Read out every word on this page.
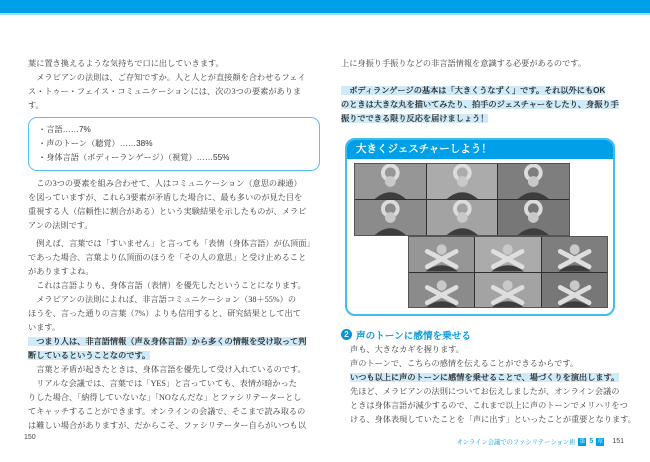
葉に置き換えるような気持ちで口に出していきます。
　メラビアンの法則は、ご存知ですか。人と人とが直接顔を合わせるフェイ
ス・トゥー・フェイス・コミュニケーションには、次の3つの要素がありま
す。
・言語……7%
・声のトーン（聴覚）……38%
・身体言語（ボディーランゲージ）（視覚）……55%
　この3つの要素を組み合わせて、人はコミュニケーション（意思の疎通）
を図っていますが、これら3要素が矛盾した場合に、最も多いのが見た目を
重視する人（信頼性に割合がある）という実験結果を示したものが、メラビ
アンの法則です。
　例えば、言葉では「すいません」と言っても「表情（身体言語）が仏頂面」
であった場合、言葉より仏頂面のほうを「その人の意思」と受け止めること
がありますよね。
　これは言語よりも、身体言語（表情）を優先したということになります。
　メラビアンの法則によれば、非言語コミュニケーション（38＋55%）の
ほうを、言った通りの言葉（7%）よりも信用すると、研究結果として出て
います。
　つまり人は、非言語情報（声＆身体言語）から多くの情報を受け取って判
断しているということなのです。
　言葉と矛盾が起きたときは、身体言語を優先して受け入れているのです。
　リアルな会議では、言葉では「YES」と言っていても、表情が暗かった
りした場合、「納得していないな」「NOなんだな」とファシリテーターとし
てキャッチすることができます。オンラインの会議で、そこまで読み取るの
は難しい場合がありますが、だからこそ、ファシリテーター自らがいつも以
上に身振り手振りなどの非言語情報を意識する必要があるのです。
　ボディランゲージの基本は「大きくうなずく」です。それ以外にもOK
のときは大きな丸を描いてみたり、拍手のジェスチャーをしたり、身振り手
振りでできる限り反応を届けましょう！
大きくジェスチャーしよう！
2 声のトーンに感情を乗せる
声も、大きなカギを握ります。
声のトーンで、こちらの感情を伝えることができるからです。
いつも以上に声のトーンに感情を乗せることで、場づくりを演出します。
先ほど、メラビアンの法則についてお伝えしましたが、オンライン会議の
ときは身体言語が減少するので、これまで以上に声のトーンでメリハリをつ
ける、身体表現していたことを「声に出す」といったことが重要となります。
150
オンライン会議でのファシリテーション術 第 5 章 151
